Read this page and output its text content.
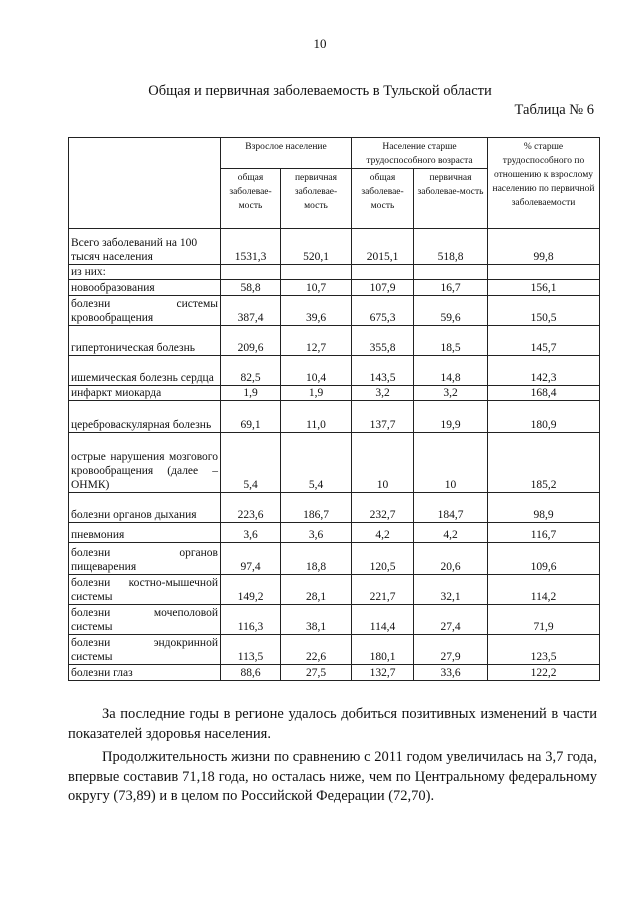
10
Общая и первичная заболеваемость в Тульской области
Таблица № 6
	Взрослое население		Население старше трудоспособного возраста		% старше трудоспособного по отношению к взрослому населению по первичной заболеваемости
	общая заболевае-мость	первичная заболевае-мость	общая заболевае-мость	первичная заболевае-мость	
Всего заболеваний на 100 тысяч населения	1531,3	520,1	2015,1	518,8	99,8
из них:					
новообразования	58,8	10,7	107,9	16,7	156,1
болезни системы кровообращения	387,4	39,6	675,3	59,6	150,5
гипертоническая болезнь	209,6	12,7	355,8	18,5	145,7
ишемическая болезнь сердца	82,5	10,4	143,5	14,8	142,3
инфаркт миокарда	1,9	1,9	3,2	3,2	168,4
цереброваскулярная болезнь	69,1	11,0	137,7	19,9	180,9
острые нарушения мозгового кровообращения (далее – ОНМК)	5,4	5,4	10	10	185,2
болезни органов дыхания	223,6	186,7	232,7	184,7	98,9
пневмония	3,6	3,6	4,2	4,2	116,7
болезни органов пищеварения	97,4	18,8	120,5	20,6	109,6
болезни костно-мышечной системы	149,2	28,1	221,7	32,1	114,2
болезни мочеполовой системы	116,3	38,1	114,4	27,4	71,9
болезни эндокринной системы	113,5	22,6	180,1	27,9	123,5
болезни глаз	88,6	27,5	132,7	33,6	122,2
За последние годы в регионе удалось добиться позитивных изменений в части показателей здоровья населения.
Продолжительность жизни по сравнению с 2011 годом увеличилась на 3,7 года, впервые составив 71,18 года, но осталась ниже, чем по Центральному федеральному округу (73,89) и в целом по Российской Федерации (72,70).
